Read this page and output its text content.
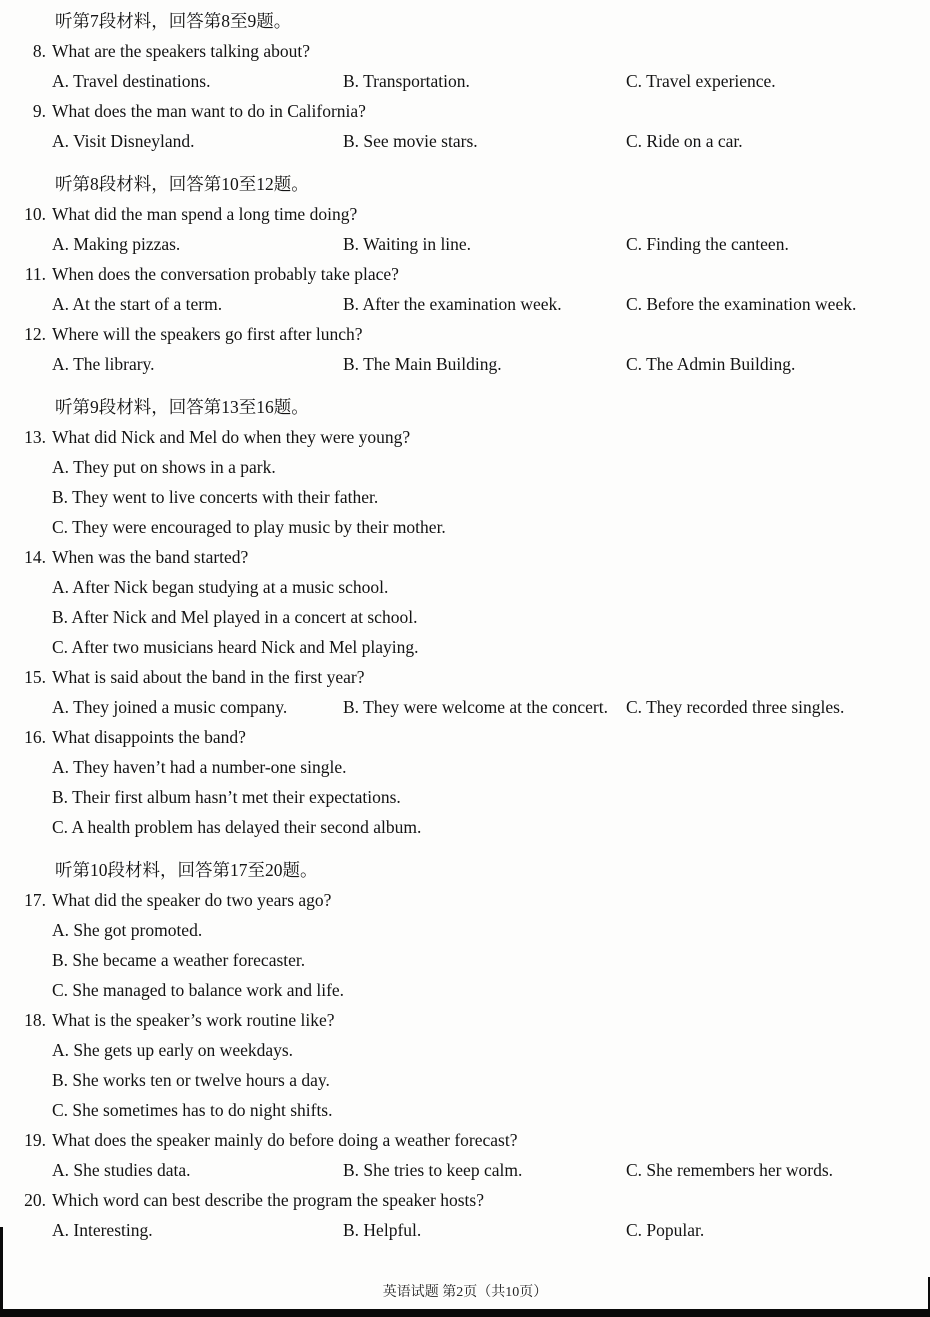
听第7段材料，回答第8至9题。
8. What are the speakers talking about?
A. Travel destinations.	B. Transportation.	C. Travel experience.
9. What does the man want to do in California?
A. Visit Disneyland.	B. See movie stars.	C. Ride on a car.
听第8段材料，回答第10至12题。
10. What did the man spend a long time doing?
A. Making pizzas.	B. Waiting in line.	C. Finding the canteen.
11. When does the conversation probably take place?
A. At the start of a term.	B. After the examination week.	C. Before the examination week.
12. Where will the speakers go first after lunch?
A. The library.	B. The Main Building.	C. The Admin Building.
听第9段材料，回答第13至16题。
13. What did Nick and Mel do when they were young?
A. They put on shows in a park.
B. They went to live concerts with their father.
C. They were encouraged to play music by their mother.
14. When was the band started?
A. After Nick began studying at a music school.
B. After Nick and Mel played in a concert at school.
C. After two musicians heard Nick and Mel playing.
15. What is said about the band in the first year?
A. They joined a music company.	B. They were welcome at the concert.	C. They recorded three singles.
16. What disappoints the band?
A. They haven’t had a number-one single.
B. Their first album hasn’t met their expectations.
C. A health problem has delayed their second album.
听第10段材料，回答第17至20题。
17. What did the speaker do two years ago?
A. She got promoted.
B. She became a weather forecaster.
C. She managed to balance work and life.
18. What is the speaker’s work routine like?
A. She gets up early on weekdays.
B. She works ten or twelve hours a day.
C. She sometimes has to do night shifts.
19. What does the speaker mainly do before doing a weather forecast?
A. She studies data.	B. She tries to keep calm.	C. She remembers her words.
20. Which word can best describe the program the speaker hosts?
A. Interesting.	B. Helpful.	C. Popular.
英语试题 第2页（共10页）
